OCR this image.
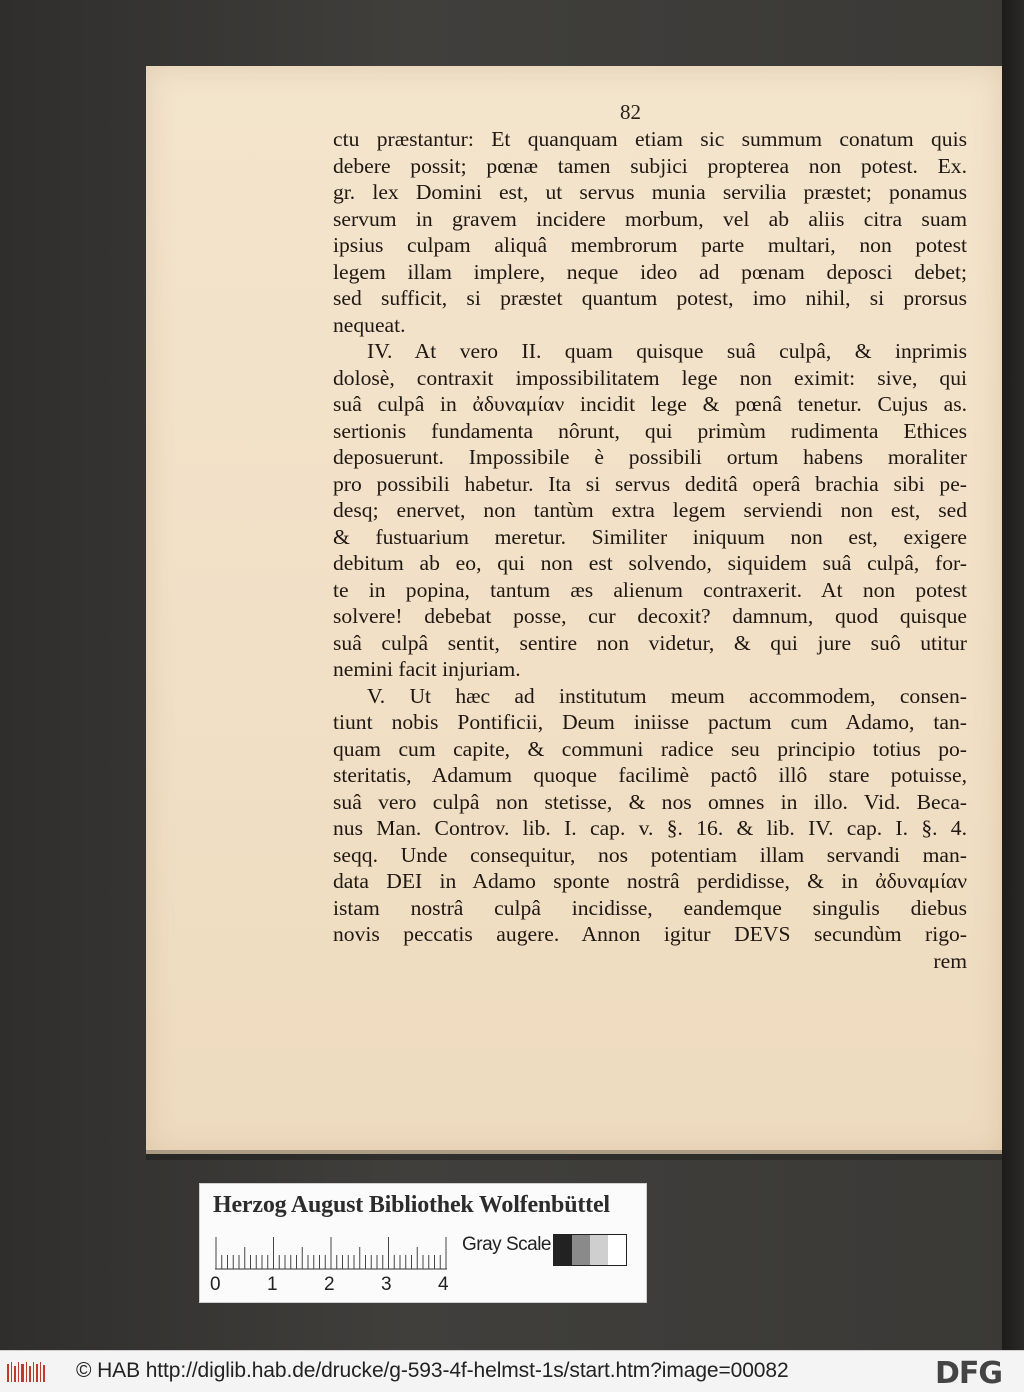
82
ctu præstantur: Et quanquam etiam sic summum conatum quis
debere possit; pœnæ tamen subjici propterea non potest. Ex.
gr. lex Domini est, ut servus munia servilia præstet; ponamus
servum in gravem incidere morbum, vel ab aliis citra suam
ipsius culpam aliquâ membrorum parte multari, non potest
legem illam implere, neque ideo ad pœnam deposci debet;
sed sufficit, si præstet quantum potest, imo nihil, si prorsus
nequeat.
IV. At vero II. quam quisque suâ culpâ, & inprimis
dolosè, contraxit impossibilitatem lege non eximit: sive, qui
suâ culpâ in ἀδυναμίαν incidit lege & pœnâ tenetur. Cujus as.
sertionis fundamenta nôrunt, qui primùm rudimenta Ethices
deposuerunt. Impossibile è possibili ortum habens moraliter
pro possibili habetur. Ita si servus deditâ operâ brachia sibi pe-
desq; enervet, non tantùm extra legem serviendi non est, sed
& fustuarium meretur. Similiter iniquum non est, exigere
debitum ab eo, qui non est solvendo, siquidem suâ culpâ, for-
te in popina, tantum æs alienum contraxerit. At non potest
solvere! debebat posse, cur decoxit? damnum, quod quisque
suâ culpâ sentit, sentire non videtur, & qui jure suô utitur
nemini facit injuriam.
V. Ut hæc ad institutum meum accommodem, consen-
tiunt nobis Pontificii, Deum iniisse pactum cum Adamo, tan-
quam cum capite, & communi radice seu principio totius po-
steritatis, Adamum quoque facilimè pactô illô stare potuisse,
suâ vero culpâ non stetisse, & nos omnes in illo. Vid. Beca-
nus Man. Controv. lib. I. cap. v. §. 16. & lib. IV. cap. I. §. 4.
seqq. Unde consequitur, nos potentiam illam servandi man-
data DEI in Adamo sponte nostrâ perdidisse, & in ἀδυναμίαν
istam nostrâ culpâ incidisse, eandemque singulis diebus
novis peccatis augere. Annon igitur DEVS secundùm rigo-
rem
Herzog August Bibliothek Wolfenbüttel
0 1 2 3 4
Gray Scale
© HAB http://diglib.hab.de/drucke/g-593-4f-helmst-1s/start.htm?image=00082	DFG
